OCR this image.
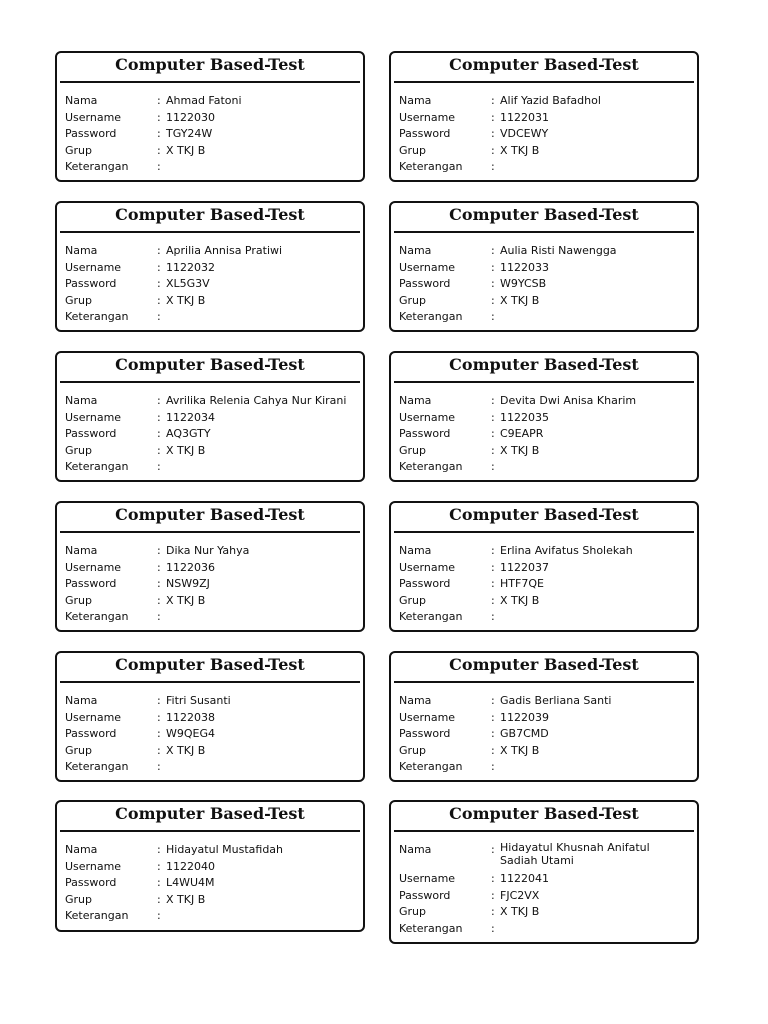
Computer Based-Test
Nama	: Ahmad Fatoni
Username	: 1122030
Password	: TGY24W
Grup	: X TKJ B
Keterangan	:
Computer Based-Test
Nama	: Alif Yazid Bafadhol
Username	: 1122031
Password	: VDCEWY
Grup	: X TKJ B
Keterangan	:
Computer Based-Test
Nama	: Aprilia Annisa Pratiwi
Username	: 1122032
Password	: XL5G3V
Grup	: X TKJ B
Keterangan	:
Computer Based-Test
Nama	: Aulia Risti Nawengga
Username	: 1122033
Password	: W9YCSB
Grup	: X TKJ B
Keterangan	:
Computer Based-Test
Nama	: Avrilika Relenia Cahya Nur Kirani
Username	: 1122034
Password	: AQ3GTY
Grup	: X TKJ B
Keterangan	:
Computer Based-Test
Nama	: Devita Dwi Anisa Kharim
Username	: 1122035
Password	: C9EAPR
Grup	: X TKJ B
Keterangan	:
Computer Based-Test
Nama	: Dika Nur Yahya
Username	: 1122036
Password	: NSW9ZJ
Grup	: X TKJ B
Keterangan	:
Computer Based-Test
Nama	: Erlina Avifatus Sholekah
Username	: 1122037
Password	: HTF7QE
Grup	: X TKJ B
Keterangan	:
Computer Based-Test
Nama	: Fitri Susanti
Username	: 1122038
Password	: W9QEG4
Grup	: X TKJ B
Keterangan	:
Computer Based-Test
Nama	: Gadis Berliana Santi
Username	: 1122039
Password	: GB7CMD
Grup	: X TKJ B
Keterangan	:
Computer Based-Test
Nama	: Hidayatul Mustafidah
Username	: 1122040
Password	: L4WU4M
Grup	: X TKJ B
Keterangan	:
Computer Based-Test
Nama	: Hidayatul Khusnah Anifatul Sadiah Utami
Username	: 1122041
Password	: FJC2VX
Grup	: X TKJ B
Keterangan	:
